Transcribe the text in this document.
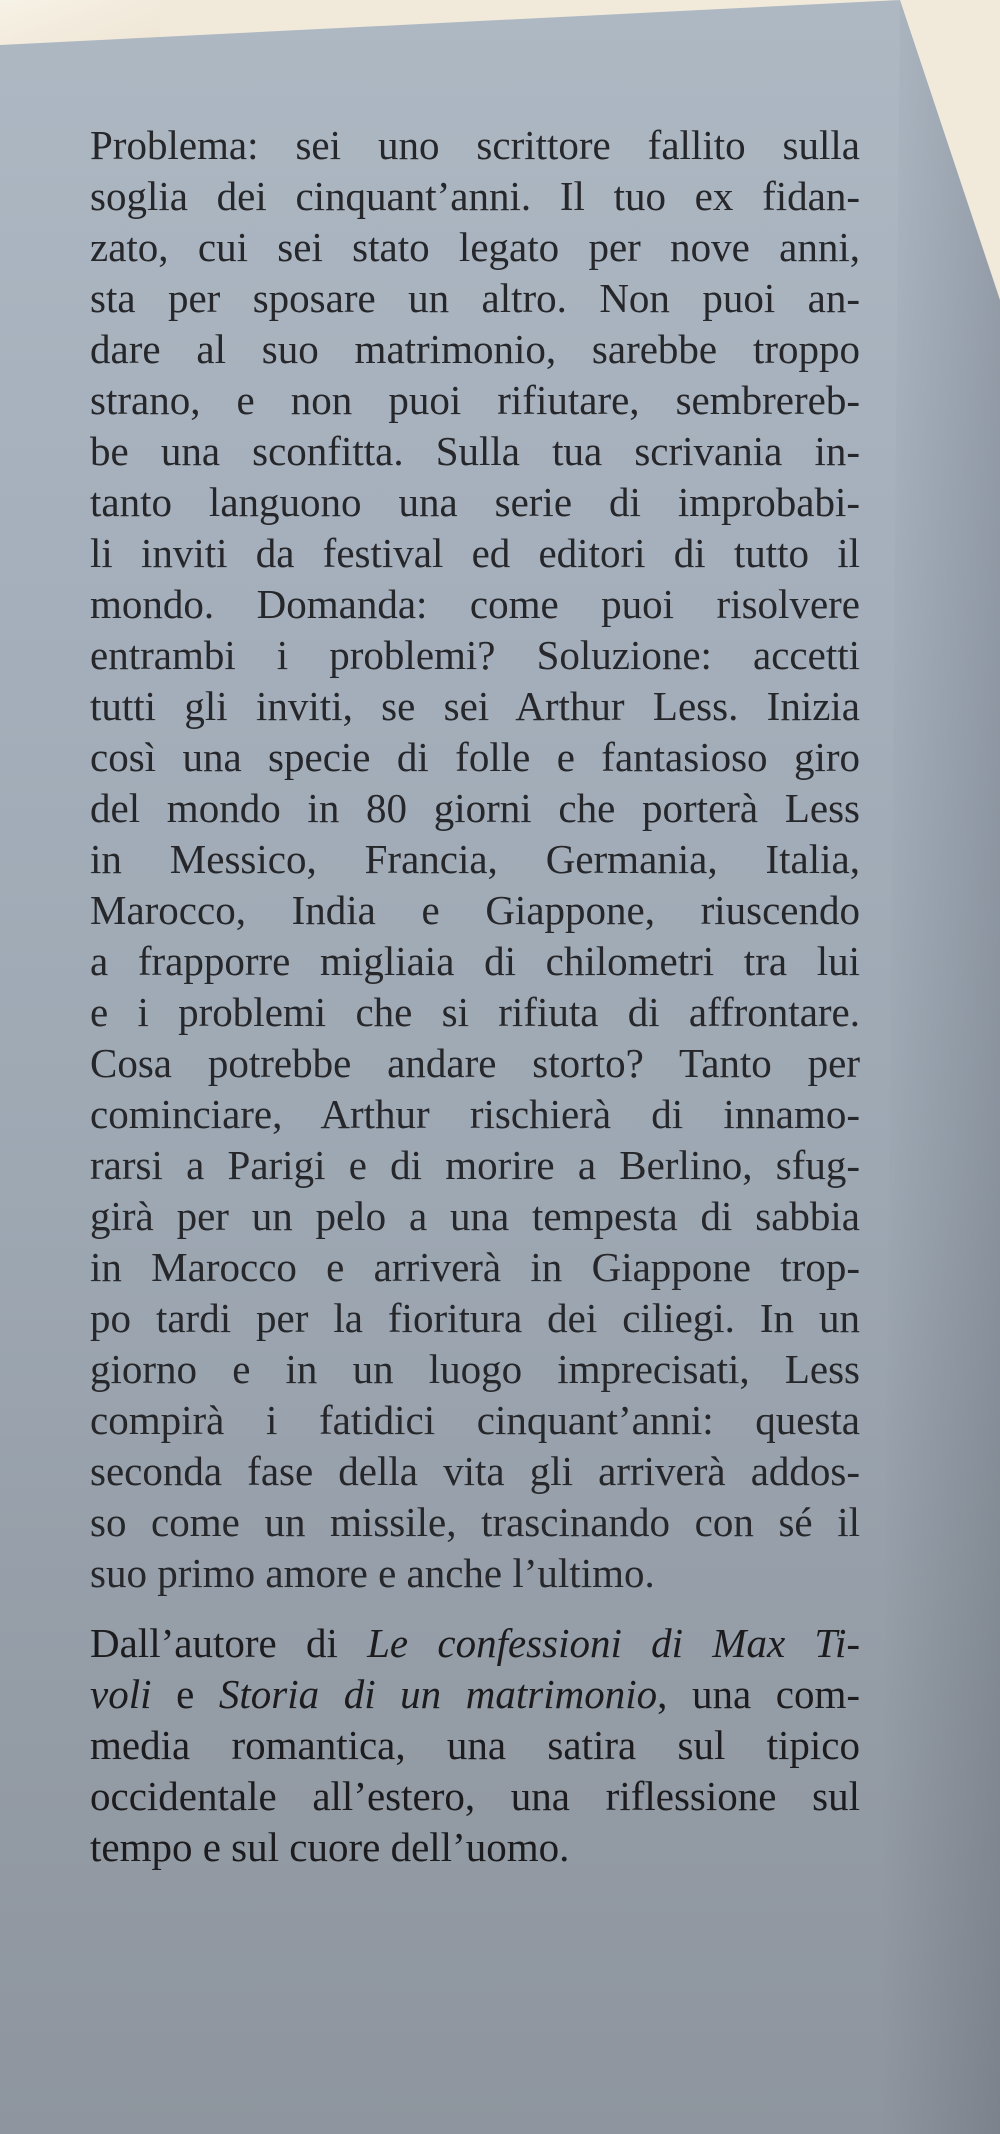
Problema: sei uno scrittore fallito sulla
soglia dei cinquant’anni. Il tuo ex fidan-
zato, cui sei stato legato per nove anni,
sta per sposare un altro. Non puoi an-
dare al suo matrimonio, sarebbe troppo
strano, e non puoi rifiutare, sembrereb-
be una sconfitta. Sulla tua scrivania in-
tanto languono una serie di improbabi-
li inviti da festival ed editori di tutto il
mondo. Domanda: come puoi risolvere
entrambi i problemi? Soluzione: accetti
tutti gli inviti, se sei Arthur Less. Inizia
così una specie di folle e fantasioso giro
del mondo in 80 giorni che porterà Less
in Messico, Francia, Germania, Italia,
Marocco, India e Giappone, riuscendo
a frapporre migliaia di chilometri tra lui
e i problemi che si rifiuta di affrontare.
Cosa potrebbe andare storto? Tanto per
cominciare, Arthur rischierà di innamo-
rarsi a Parigi e di morire a Berlino, sfug-
girà per un pelo a una tempesta di sabbia
in Marocco e arriverà in Giappone trop-
po tardi per la fioritura dei ciliegi. In un
giorno e in un luogo imprecisati, Less
compirà i fatidici cinquant’anni: questa
seconda fase della vita gli arriverà addos-
so come un missile, trascinando con sé il
suo primo amore e anche l’ultimo.
Dall’autore di Le confessioni di Max Ti-
voli e Storia di un matrimonio, una com-
media romantica, una satira sul tipico
occidentale all’estero, una riflessione sul
tempo e sul cuore dell’uomo.
